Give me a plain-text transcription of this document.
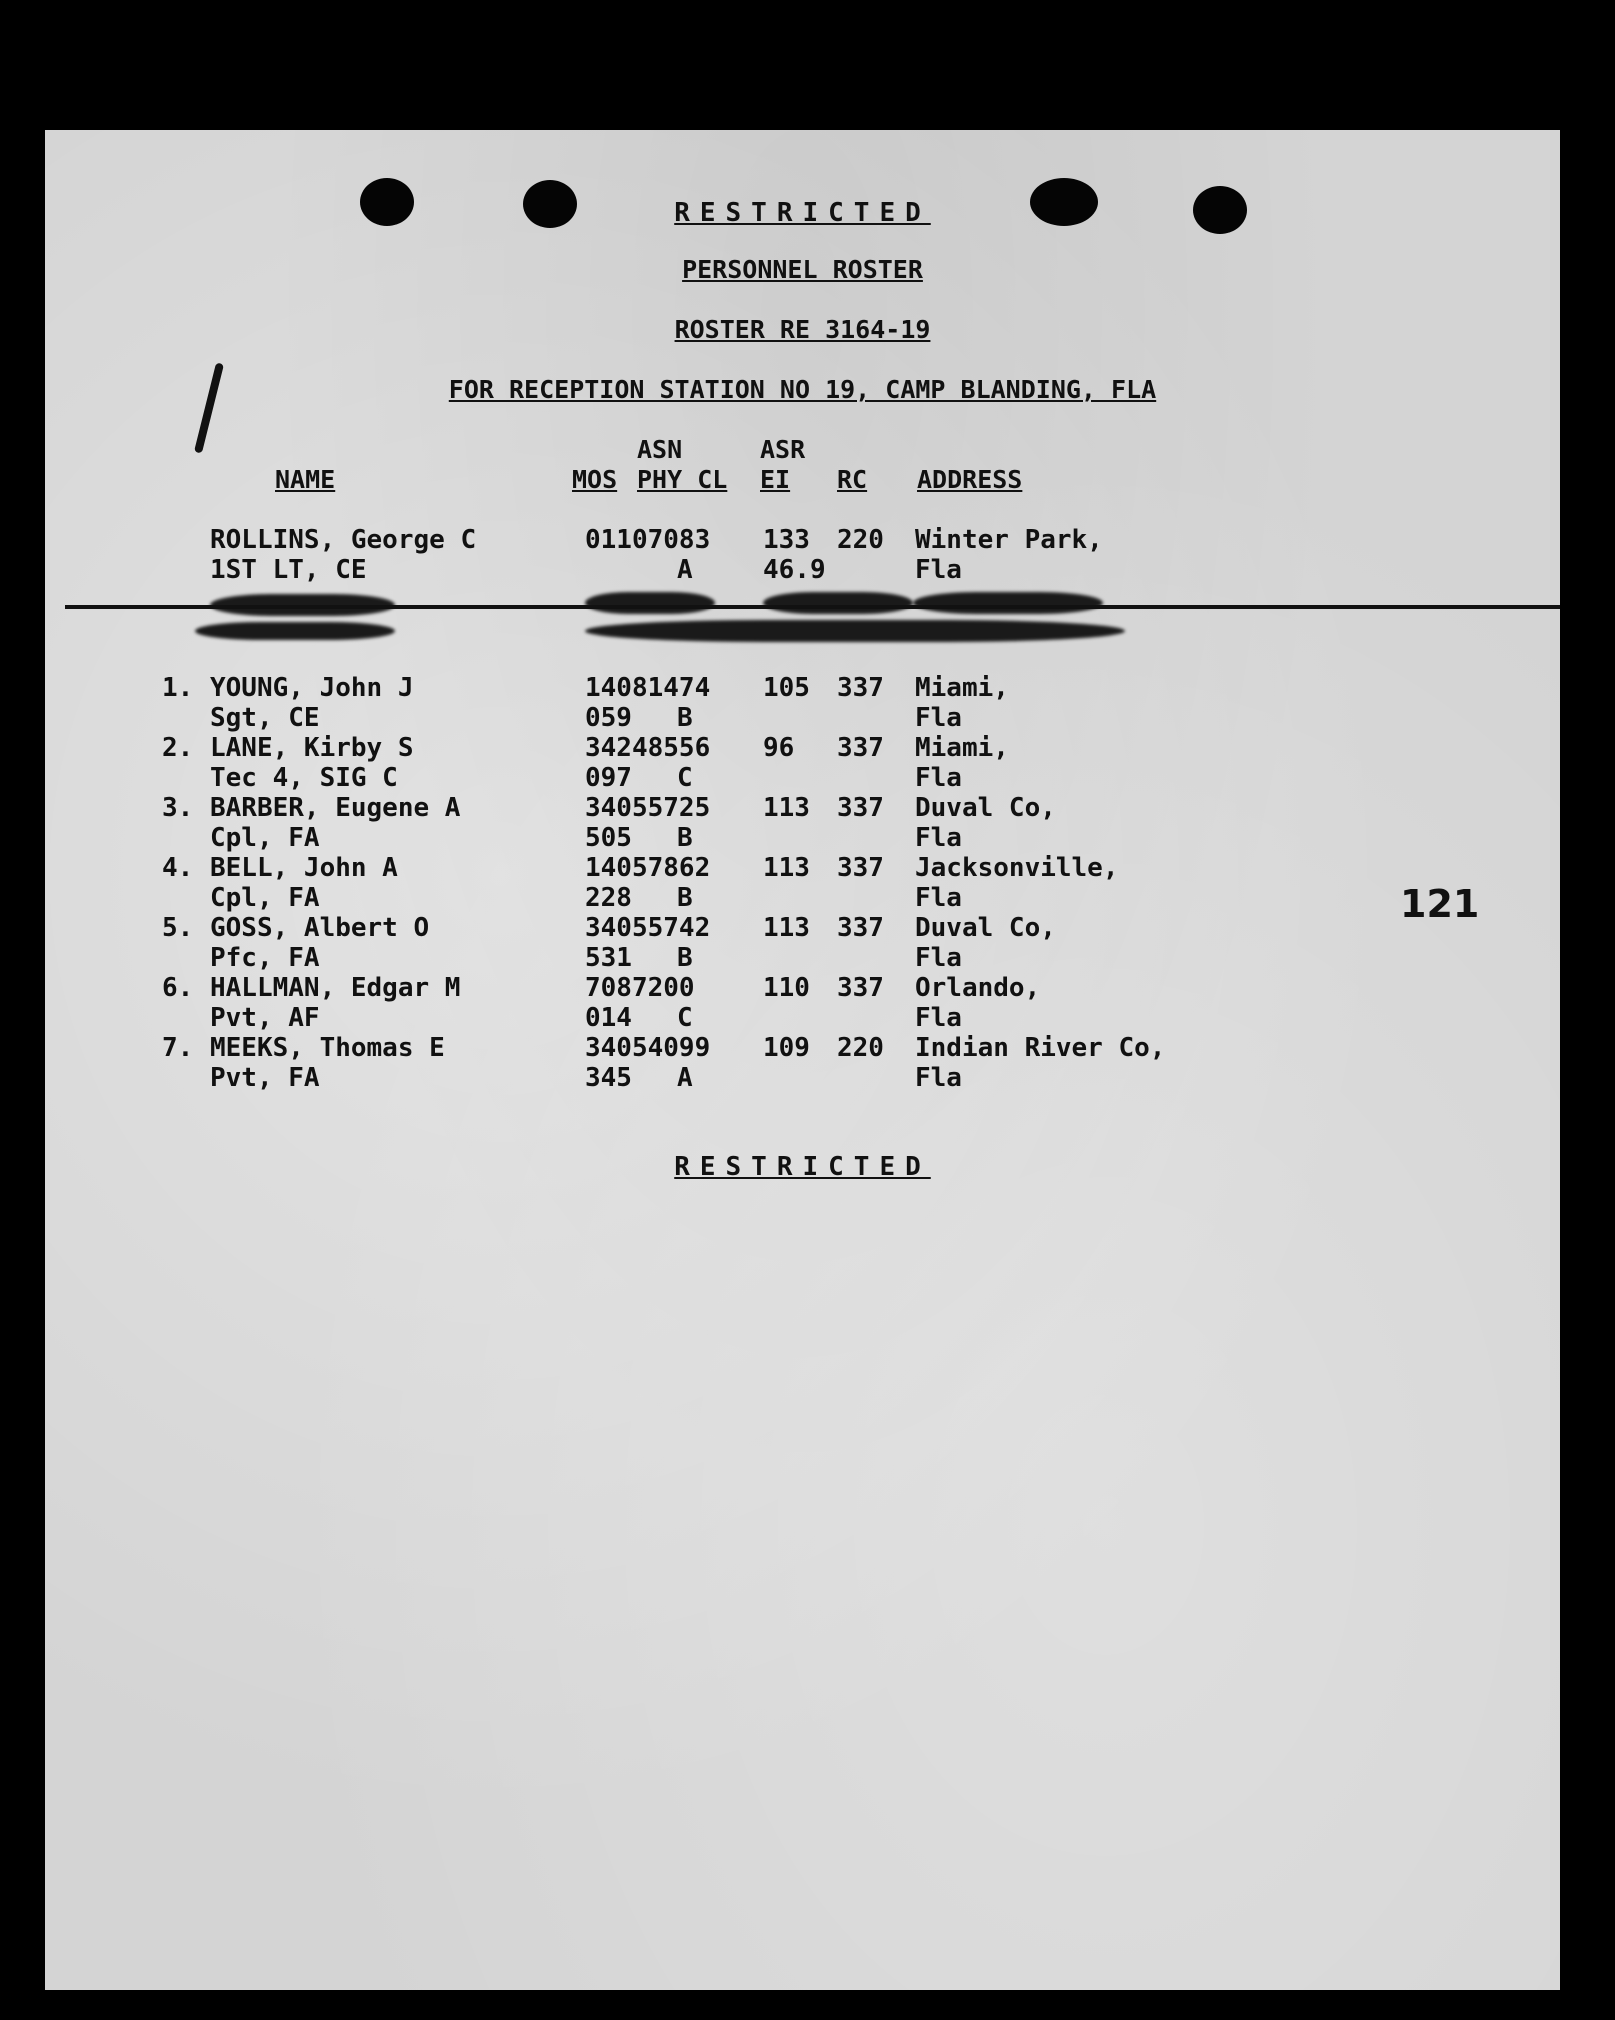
RESTRICTED
PERSONNEL ROSTER
ROSTER RE 3164-19
FOR RECEPTION STATION NO 19, CAMP BLANDING, FLA
ASN	ASR
NAME	MOS PHY CL EI RC ADDRESS
ROLLINS, George C
1ST LT, CE
01107083
A
133
46.9
220 Winter Park,
Fla
1. YOUNG, John J
Sgt, CE
14081474
059 B
105 337 Miami,
Fla
2. LANE, Kirby S
Tec 4, SIG C
34248556
097 C
96 337 Miami,
Fla
3. BARBER, Eugene A
Cpl, FA
34055725
505 B
113 337 Duval Co,
Fla
4. BELL, John A
Cpl, FA
14057862
228 B
113 337 Jacksonville,
Fla
5. GOSS, Albert O
Pfc, FA
34055742
531 B
113 337 Duval Co,
Fla
6. HALLMAN, Edgar M
Pvt, AF
7087200
014 C
110 337 Orlando,
Fla
7. MEEKS, Thomas E
Pvt, FA
34054099
345 A
109 220 Indian River Co,
Fla
121
RESTRICTED
